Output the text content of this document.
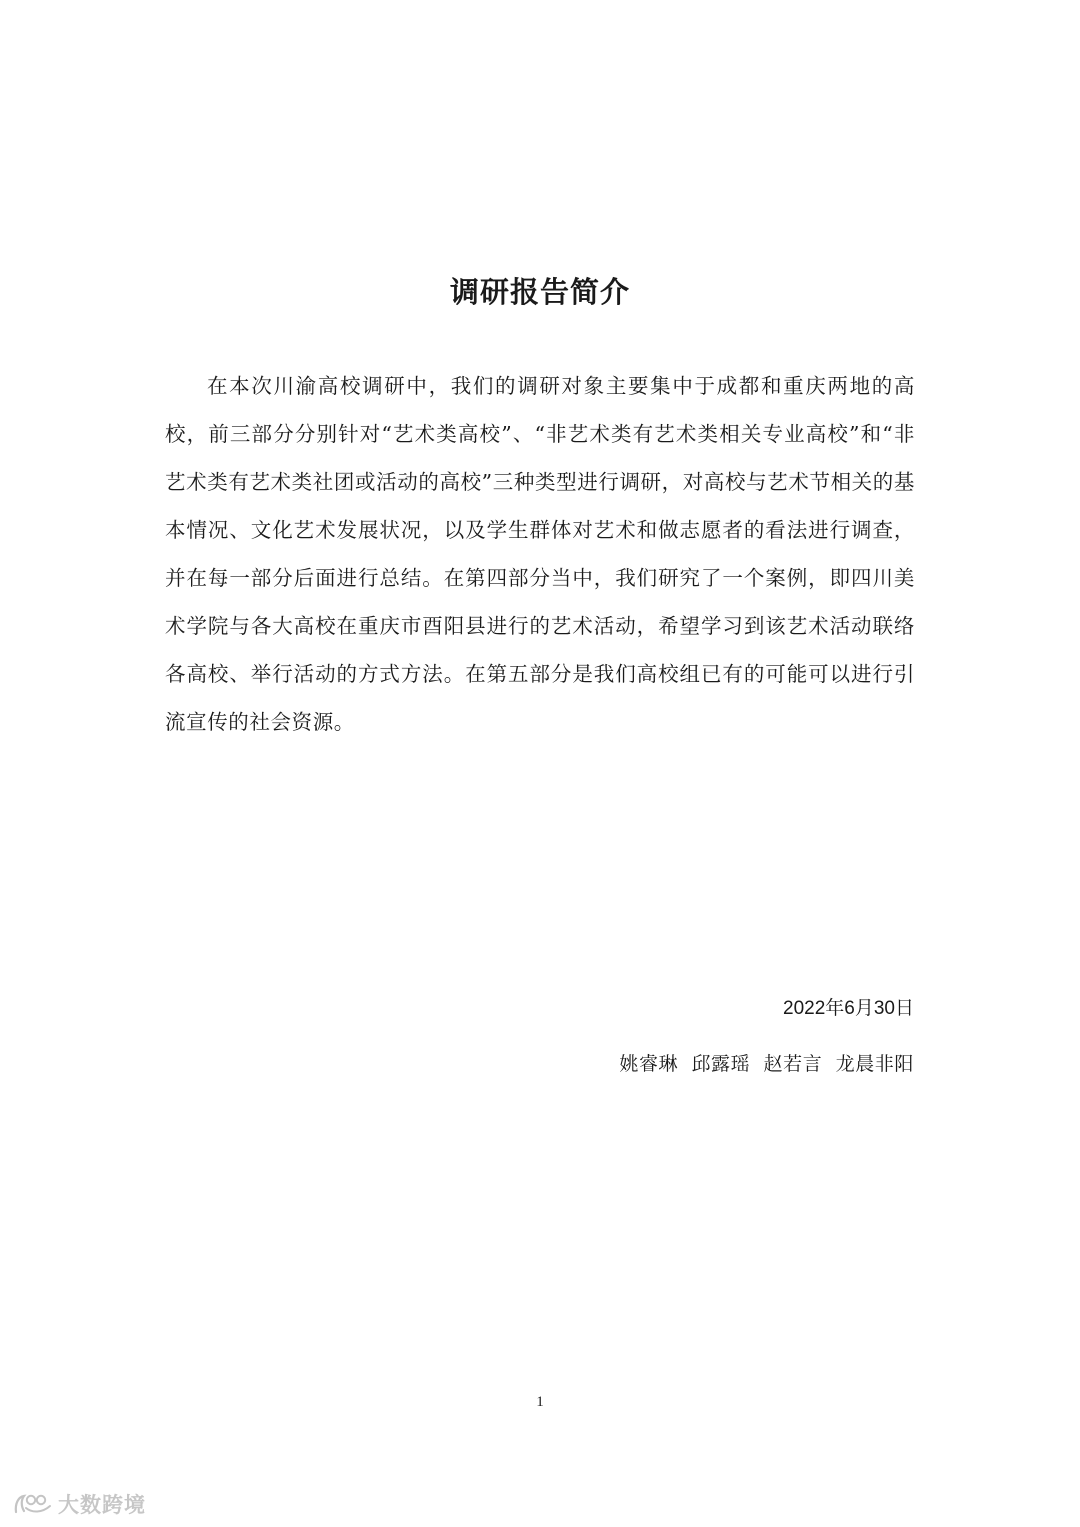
调研报告简介

在本次川渝高校调研中，我们的调研对象主要集中于成都和重庆两地的高校，前三部分分别针对“艺术类高校”、“非艺术类有艺术类相关专业高校”和“非艺术类有艺术类社团或活动的高校”三种类型进行调研，对高校与艺术节相关的基本情况、文化艺术发展状况，以及学生群体对艺术和做志愿者的看法进行调查，并在每一部分后面进行总结。在第四部分当中，我们研究了一个案例，即四川美术学院与各大高校在重庆市酉阳县进行的艺术活动，希望学习到该艺术活动联络各高校、举行活动的方式方法。在第五部分是我们高校组已有的可能可以进行引流宣传的社会资源。

2022年6月30日

姚睿琳  邱露瑶  赵若言  龙晨非阳

1
大数跨境
